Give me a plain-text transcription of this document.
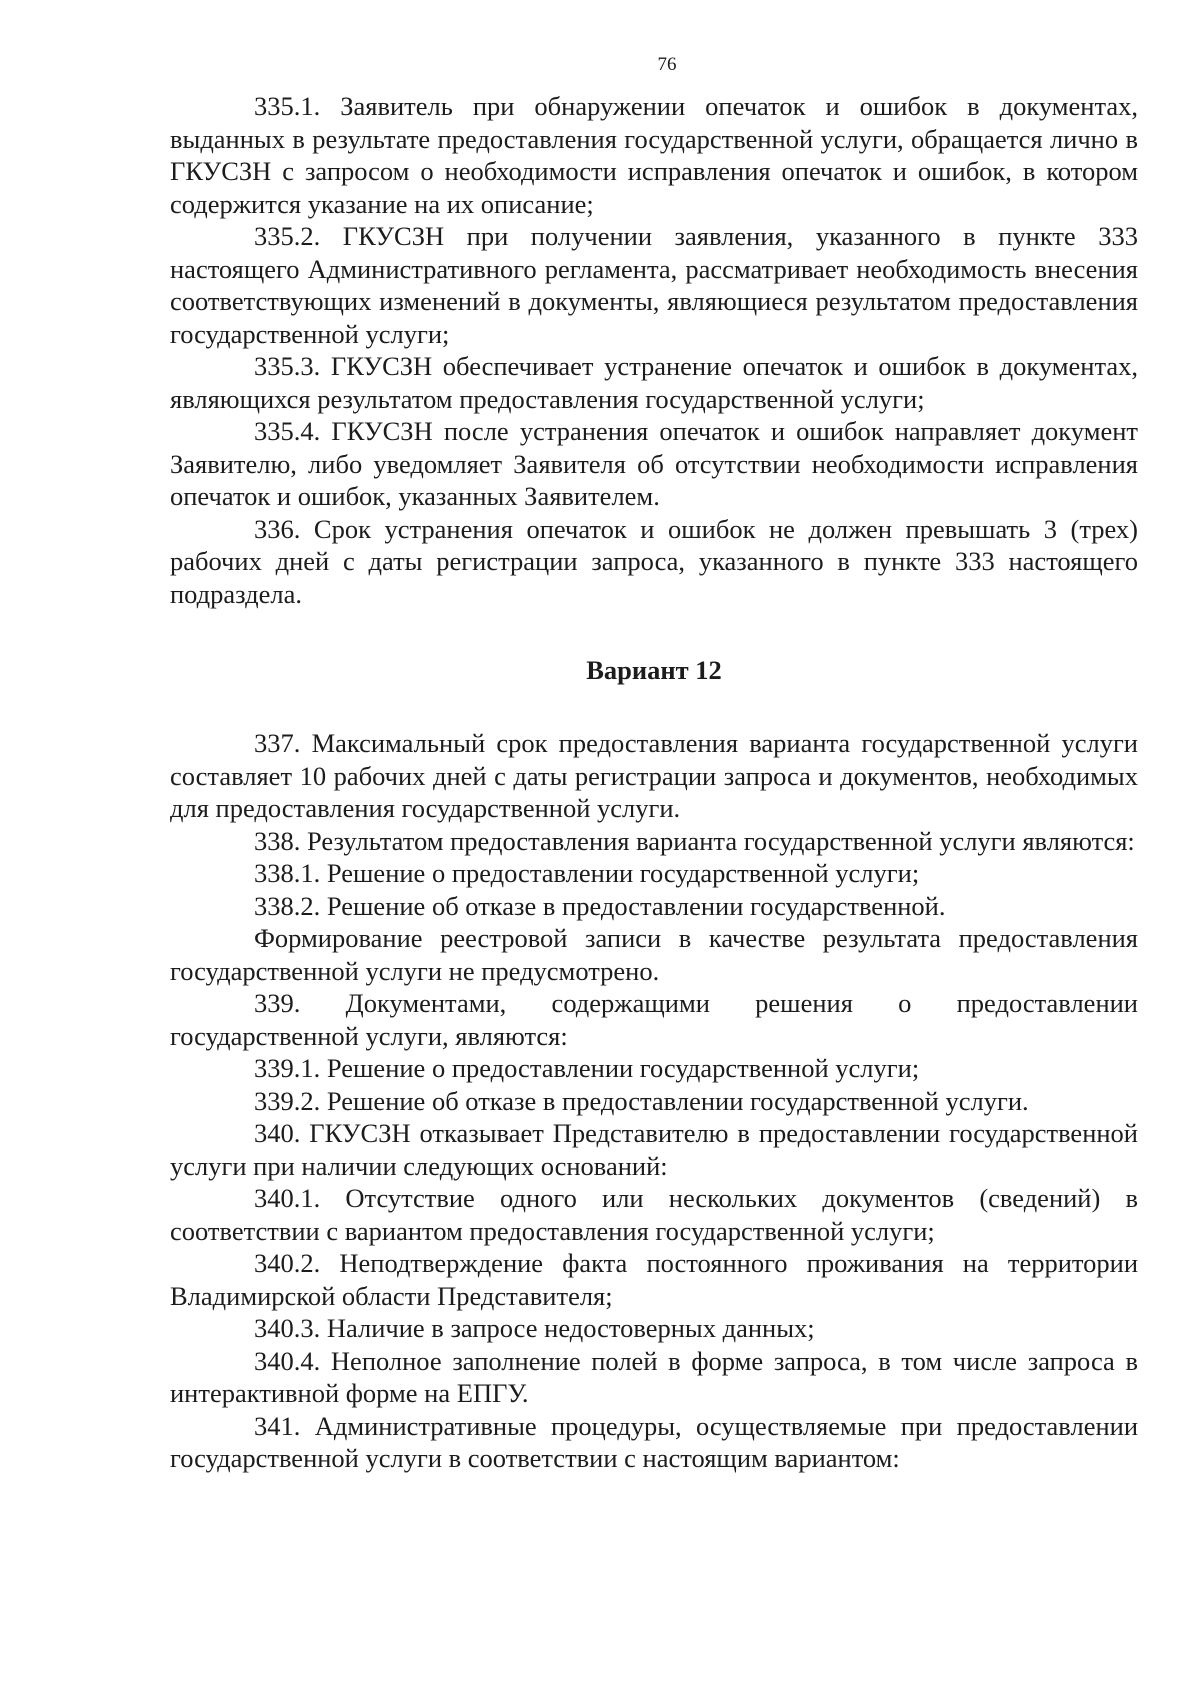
76

335.1. Заявитель при обнаружении опечаток и ошибок в документах, выданных в результате предоставления государственной услуги, обращается лично в ГКУСЗН с запросом о необходимости исправления опечаток и ошибок, в котором содержится указание на их описание;

335.2. ГКУСЗН при получении заявления, указанного в пункте 333 настоящего Административного регламента, рассматривает необходимость внесения соответствующих изменений в документы, являющиеся результатом предоставления государственной услуги;

335.3. ГКУСЗН обеспечивает устранение опечаток и ошибок в документах, являющихся результатом предоставления государственной услуги;

335.4. ГКУСЗН после устранения опечаток и ошибок направляет документ Заявителю, либо уведомляет Заявителя об отсутствии необходимости исправления опечаток и ошибок, указанных Заявителем.

336. Срок устранения опечаток и ошибок не должен превышать 3 (трех) рабочих дней с даты регистрации запроса, указанного в пункте 333 настоящего подраздела.

Вариант 12

337. Максимальный срок предоставления варианта государственной услуги составляет 10 рабочих дней с даты регистрации запроса и документов, необходимых для предоставления государственной услуги.

338. Результатом предоставления варианта государственной услуги являются:

338.1. Решение о предоставлении государственной услуги;

338.2. Решение об отказе в предоставлении государственной.

Формирование реестровой записи в качестве результата предоставления государственной услуги не предусмотрено.

339. Документами, содержащими решения о предоставлении государственной услуги, являются:

339.1. Решение о предоставлении государственной услуги;

339.2. Решение об отказе в предоставлении государственной услуги.

340. ГКУСЗН отказывает Представителю в предоставлении государственной услуги при наличии следующих оснований:

340.1. Отсутствие одного или нескольких документов (сведений) в соответствии с вариантом предоставления государственной услуги;

340.2. Неподтверждение факта постоянного проживания на территории Владимирской области Представителя;

340.3. Наличие в запросе недостоверных данных;

340.4. Неполное заполнение полей в форме запроса, в том числе запроса в интерактивной форме на ЕПГУ.

341. Административные процедуры, осуществляемые при предоставлении государственной услуги в соответствии с настоящим вариантом:
